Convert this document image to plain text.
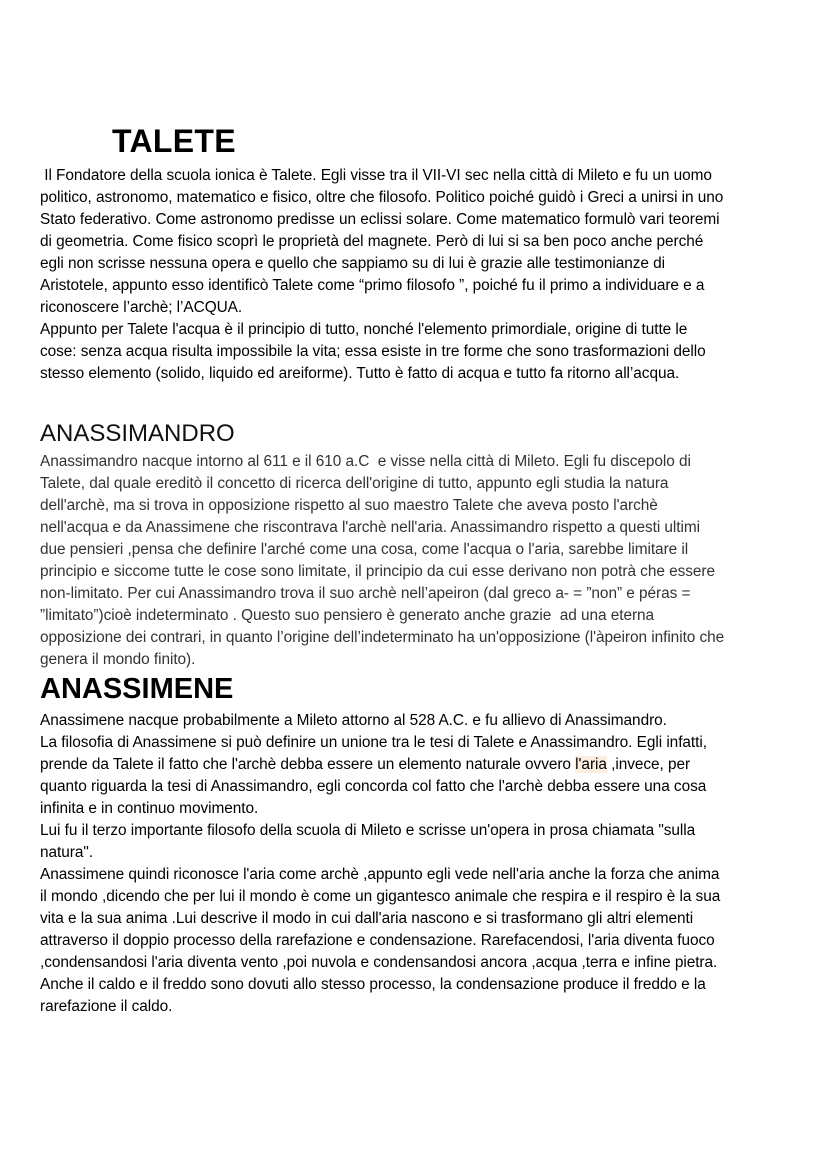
TALETE
Il Fondatore della scuola ionica è Talete. Egli visse tra il VII-VI sec nella città di Mileto e fu un uomo
politico, astronomo, matematico e fisico, oltre che filosofo. Politico poiché guidò i Greci a unirsi in uno
Stato federativo. Come astronomo predisse un eclissi solare. Come matematico formulò vari teoremi
di geometria. Come fisico scoprì le proprietà del magnete. Però di lui si sa ben poco anche perché
egli non scrisse nessuna opera e quello che sappiamo su di lui è grazie alle testimonianze di
Aristotele, appunto esso identificò Talete come “primo filosofo ”, poiché fu il primo a individuare e a
riconoscere l’archè; l’ACQUA.
Appunto per Talete l'acqua è il principio di tutto, nonché l'elemento primordiale, origine di tutte le
cose: senza acqua risulta impossibile la vita; essa esiste in tre forme che sono trasformazioni dello
stesso elemento (solido, liquido ed areiforme). Tutto è fatto di acqua e tutto fa ritorno all’acqua.
ANASSIMANDRO
Anassimandro nacque intorno al 611 e il 610 a.C  e visse nella città di Mileto. Egli fu discepolo di
Talete, dal quale ereditò il concetto di ricerca dell'origine di tutto, appunto egli studia la natura
dell'archè, ma si trova in opposizione rispetto al suo maestro Talete che aveva posto l'archè
nell'acqua e da Anassimene che riscontrava l'archè nell'aria. Anassimandro rispetto a questi ultimi
due pensieri ,pensa che definire l'arché come una cosa, come l'acqua o l'aria, sarebbe limitare il
principio e siccome tutte le cose sono limitate, il principio da cui esse derivano non potrà che essere
non-limitato. Per cui Anassimandro trova il suo archè nell’apeiron (dal greco a- = ”non” e péras =
”limitato”)cioè indeterminato . Questo suo pensiero è generato anche grazie  ad una eterna
opposizione dei contrari, in quanto l’origine dell’indeterminato ha un'opposizione (l'àpeiron infinito che
genera il mondo finito).
ANASSIMENE
Anassimene nacque probabilmente a Mileto attorno al 528 A.C. e fu allievo di Anassimandro.
La filosofia di Anassimene si può definire un unione tra le tesi di Talete e Anassimandro. Egli infatti,
prende da Talete il fatto che l'archè debba essere un elemento naturale ovvero l'aria ,invece, per
quanto riguarda la tesi di Anassimandro, egli concorda col fatto che l'archè debba essere una cosa
infinita e in continuo movimento.
Lui fu il terzo importante filosofo della scuola di Mileto e scrisse un'opera in prosa chiamata "sulla
natura".
Anassimene quindi riconosce l'aria come archè ,appunto egli vede nell'aria anche la forza che anima
il mondo ,dicendo che per lui il mondo è come un gigantesco animale che respira e il respiro è la sua
vita e la sua anima .Lui descrive il modo in cui dall'aria nascono e si trasformano gli altri elementi
attraverso il doppio processo della rarefazione e condensazione. Rarefacendosi, l'aria diventa fuoco
,condensandosi l'aria diventa vento ,poi nuvola e condensandosi ancora ,acqua ,terra e infine pietra.
Anche il caldo e il freddo sono dovuti allo stesso processo, la condensazione produce il freddo e la
rarefazione il caldo.
